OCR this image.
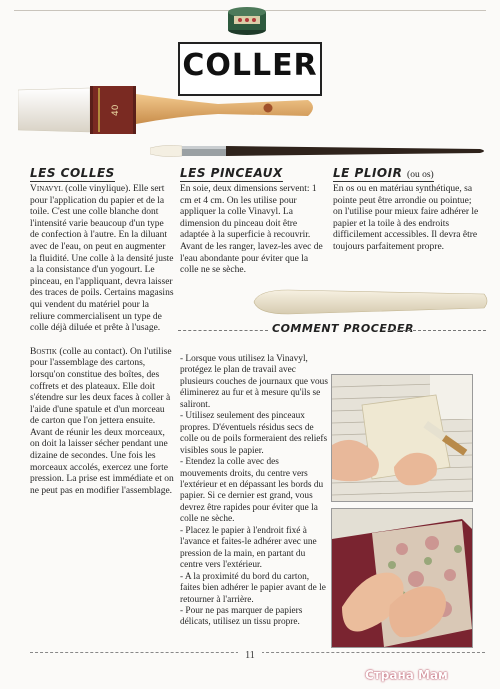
COLLER
40
LES COLLES

Vinavyl (colle vinylique). Elle sert pour l'application du papier et de la toile. C'est une colle blanche dont l'intensité varie beaucoup d'un type de confection à l'autre. En la diluant avec de l'eau, on peut en augmenter la fluidité. Une colle à la densité juste a la consistance d'un yogourt. Le pinceau, en l'appliquant, devra laisser des traces de poils. Certains magasins qui vendent du matériel pour la reliure commercialisent un type de colle déjà diluée et prête à l'usage.

Bostik (colle au contact). On l'utilise pour l'assemblage des cartons, lorsqu'on constitue des boîtes, des coffrets et des plateaux. Elle doit s'étendre sur les deux faces à coller à l'aide d'une spatule et d'un morceau de carton que l'on jettera ensuite. Avant de réunir les deux morceaux, on doit la laisser sécher pendant une dizaine de secondes. Une fois les morceaux accolés, exercez une forte pression. La prise est immédiate et on ne peut pas en modifier l'assemblage.

LES PINCEAUX
En soie, deux dimensions servent: 1 cm et 4 cm. On les utilise pour appliquer la colle Vinavyl. La dimension du pinceau doit être adaptée à la superficie à recouvrir. Avant de les ranger, lavez-les avec de l'eau abondante pour éviter que la colle ne se sèche.
LE PLIOIR (ou os)
En os ou en matériau synthétique, sa pointe peut être arrondie ou pointue; on l'utilise pour mieux faire adhérer le papier et la toile à des endroits difficilement accessibles. Il devra être toujours parfaitement propre.
COMMENT PROCEDER

- Lorsque vous utilisez la Vinavyl, protégez le plan de travail avec plusieurs couches de journaux que vous éliminerez au fur et à mesure qu'ils se saliront.

- Utilisez seulement des pinceaux propres. D'éventuels résidus secs de colle ou de poils formeraient des reliefs visibles sous le papier.

- Etendez la colle avec des mouvements droits, du centre vers l'extérieur et en dépassant les bords du papier. Si ce dernier est grand, vous devrez être rapides pour éviter que la colle ne sèche.

- Placez le papier à l'endroit fixé à l'avance et faites-le adhérer avec une pression de la main, en partant du centre vers l'extérieur.

- A la proximité du bord du carton, faites bien adhérer le papier avant de le retourner à l'arrière.

- Pour ne pas marquer de papiers délicats, utilisez un tissu propre.

11
Страна Мам
